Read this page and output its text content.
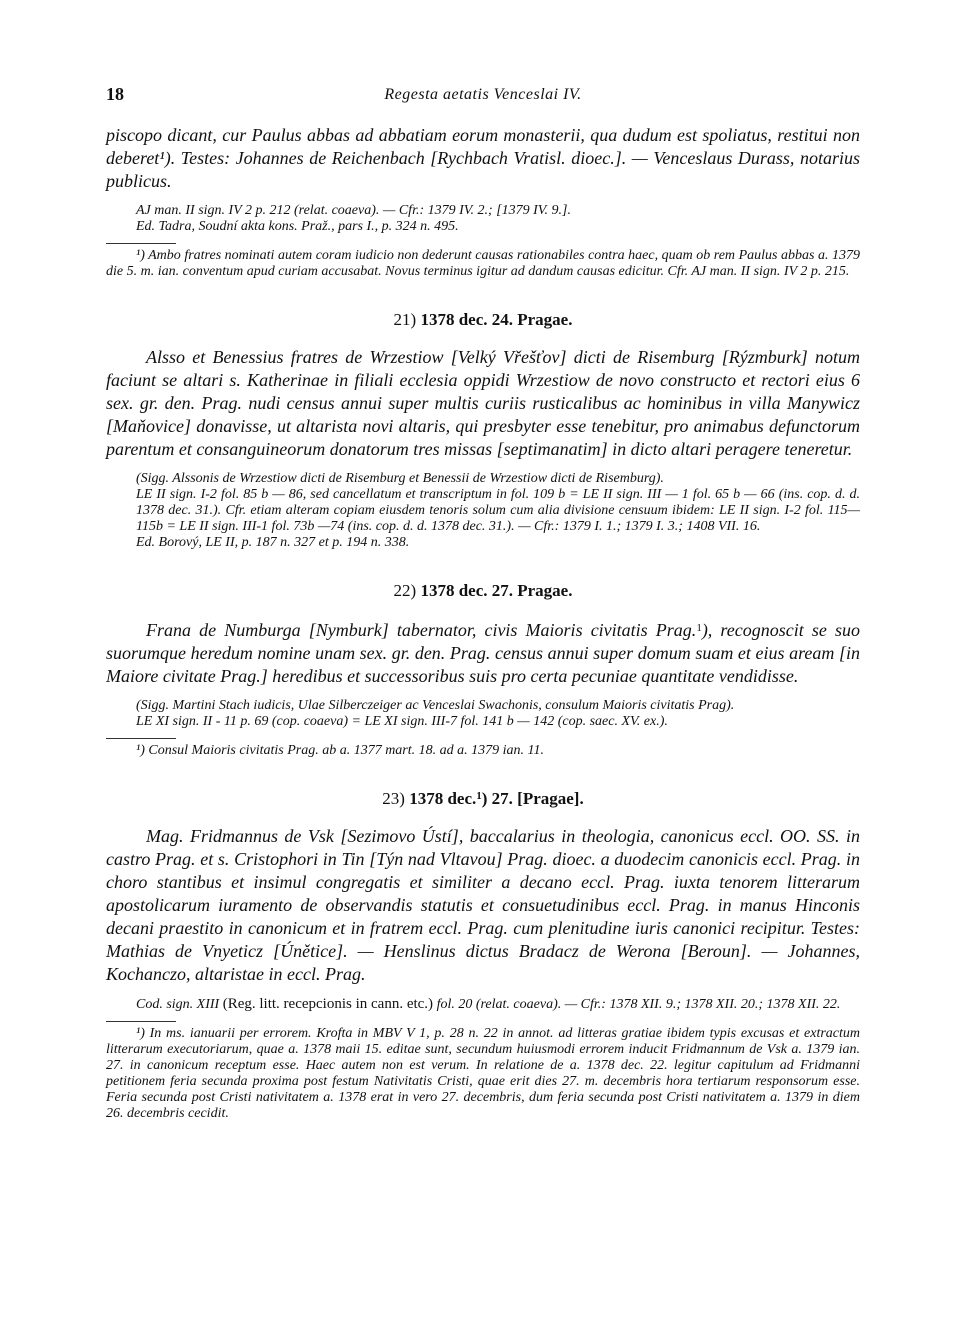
18	Regesta aetatis Venceslai IV.

piscopo dicant, cur Paulus abbas ad abbatiam eorum monasterii, qua dudum est spoliatus, restitui non deberet¹). Testes: Johannes de Reichenbach [Rychbach Vratisl. dioec.]. — Venceslaus Durass, notarius publicus.

AJ man. II sign. IV 2 p. 212 (relat. coaeva). — Cfr.: 1379 IV. 2.; [1379 IV. 9.].

Ed. Tadra, Soudní akta kons. Praž., pars I., p. 324 n. 495.

¹) Ambo fratres nominati autem coram iudicio non dederunt causas rationabiles contra haec, quam ob rem Paulus abbas a. 1379 die 5. m. ian. conventum apud curiam accusabat. Novus terminus igitur ad dandum causas edicitur. Cfr. AJ man. II sign. IV 2 p. 215.

21) 1378 dec. 24. Pragae.

Alsso et Benessius fratres de Wrzestiow [Velký Vřešťov] dicti de Risemburg [Rýzmburk] notum faciunt se altari s. Katherinae in filiali ecclesia oppidi Wrzestiow de novo constructo et rectori eius 6 sex. gr. den. Prag. nudi census annui super multis curiis rusticalibus ac hominibus in villa Manywicz [Maňovice] donavisse, ut altarista novi altaris, qui presbyter esse tenebitur, pro animabus defunctorum parentum et consanguineorum donatorum tres missas [septimanatim] in dicto altari peragere teneretur.

(Sigg. Alssonis de Wrzestiow dicti de Risemburg et Benessii de Wrzestiow dicti de Risemburg).

LE II sign. I-2 fol. 85 b — 86, sed cancellatum et transcriptum in fol. 109 b = LE II sign. III — 1 fol. 65 b — 66 (ins. cop. d. d. 1378 dec. 31.). Cfr. etiam alteram copiam eiusdem tenoris solum cum alia divisione censuum ibidem: LE II sign. I-2 fol. 115—115b = LE II sign. III-1 fol. 73b —74 (ins. cop. d. d. 1378 dec. 31.). — Cfr.: 1379 I. 1.; 1379 I. 3.; 1408 VII. 16.

Ed. Borový, LE II, p. 187 n. 327 et p. 194 n. 338.

22) 1378 dec. 27. Pragae.

Frana de Numburga [Nymburk] tabernator, civis Maioris civitatis Prag.$^1$), recognoscit se suo suorumque heredum nomine unam sex. gr. den. Prag. census annui super domum suam et eius aream [in Maiore civitate Prag.] heredibus et successoribus suis pro certa pecuniae quantitate vendidisse.

(Sigg. Martini Stach iudicis, Ulae Silberczeiger ac Venceslai Swachonis, consulum Maioris civitatis Prag).

LE XI sign. II - 11 p. 69 (cop. coaeva) = LE XI sign. III-7 fol. 141 b — 142 (cop. saec. XV. ex.).

¹) Consul Maioris civitatis Prag. ab a. 1377 mart. 18. ad a. 1379 ian. 11.

23) 1378 dec.$^1$) 27. [Pragae].

Mag. Fridmannus de Vsk [Sezimovo Ústí], baccalarius in theologia, canonicus eccl. OO. SS. in castro Prag. et s. Cristophori in Tin [Týn nad Vltavou] Prag. dioec. a duodecim canonicis eccl. Prag. in choro stantibus et insimul congregatis et similiter a decano eccl. Prag. iuxta tenorem litterarum apostolicarum iuramento de observandis statutis et consuetudinibus eccl. Prag. in manus Hinconis decani praestito in canonicum et in fratrem eccl. Prag. cum plenitudine iuris canonici recipitur. Testes: Mathias de Vnyeticz [Únětice]. — Henslinus dictus Bradacz de Werona [Beroun]. — Johannes, Kochanczo, altaristae in eccl. Prag.

Cod. sign. XIII (Reg. litt. recepcionis in cann. etc.) fol. 20 (relat. coaeva). — Cfr.: 1378 XII. 9.; 1378 XII. 20.; 1378 XII. 22.

¹) In ms. ianuarii per errorem. Krofta in MBV V 1, p. 28 n. 22 in annot. ad litteras gratiae ibidem typis excusas et extractum litterarum executoriarum, quae a. 1378 maii 15. editae sunt, secundum huiusmodi errorem inducit Fridmannum de Vsk a. 1379 ian. 27. in canonicum receptum esse. Haec autem non est verum. In relatione de a. 1378 dec. 22. legitur capitulum ad Fridmanni petitionem feria secunda proxima post festum Nativitatis Cristi, quae erit dies 27. m. decembris hora tertiarum responsorum esse. Feria secunda post Cristi nativitatem a. 1378 erat in vero 27. decembris, dum feria secunda post Cristi nativitatem a. 1379 in diem 26. decembris cecidit.
